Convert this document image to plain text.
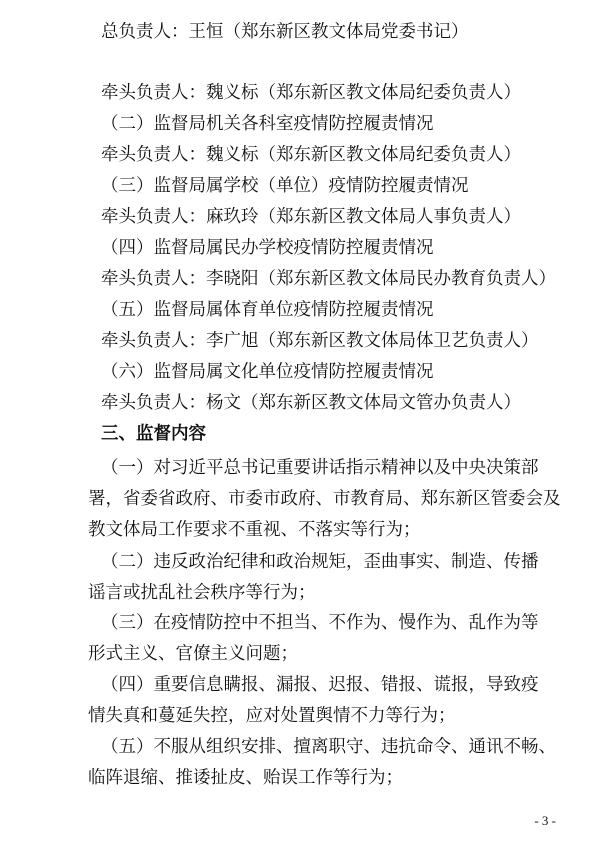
总负责人：王恒（郑东新区教文体局党委书记）
牵头负责人：魏义标（郑东新区教文体局纪委负责人）
（二）监督局机关各科室疫情防控履责情况
牵头负责人：魏义标（郑东新区教文体局纪委负责人）
（三）监督局属学校（单位）疫情防控履责情况
牵头负责人：麻玖玲（郑东新区教文体局人事负责人）
（四）监督局属民办学校疫情防控履责情况
牵头负责人：李晓阳（郑东新区教文体局民办教育负责人）
（五）监督局属体育单位疫情防控履责情况
牵头负责人：李广旭（郑东新区教文体局体卫艺负责人）
（六）监督局属文化单位疫情防控履责情况
牵头负责人：杨文（郑东新区教文体局文管办负责人）
三、监督内容
（一）对习近平总书记重要讲话指示精神以及中央决策部
署，省委省政府、市委市政府、市教育局、郑东新区管委会及
教文体局工作要求不重视、不落实等行为；
（二）违反政治纪律和政治规矩，歪曲事实、制造、传播
谣言或扰乱社会秩序等行为；
（三）在疫情防控中不担当、不作为、慢作为、乱作为等
形式主义、官僚主义问题；
（四）重要信息瞒报、漏报、迟报、错报、谎报，导致疫
情失真和蔓延失控，应对处置舆情不力等行为；
（五）不服从组织安排、擅离职守、违抗命令、通讯不畅、
临阵退缩、推诿扯皮、贻误工作等行为；
- 3 -
